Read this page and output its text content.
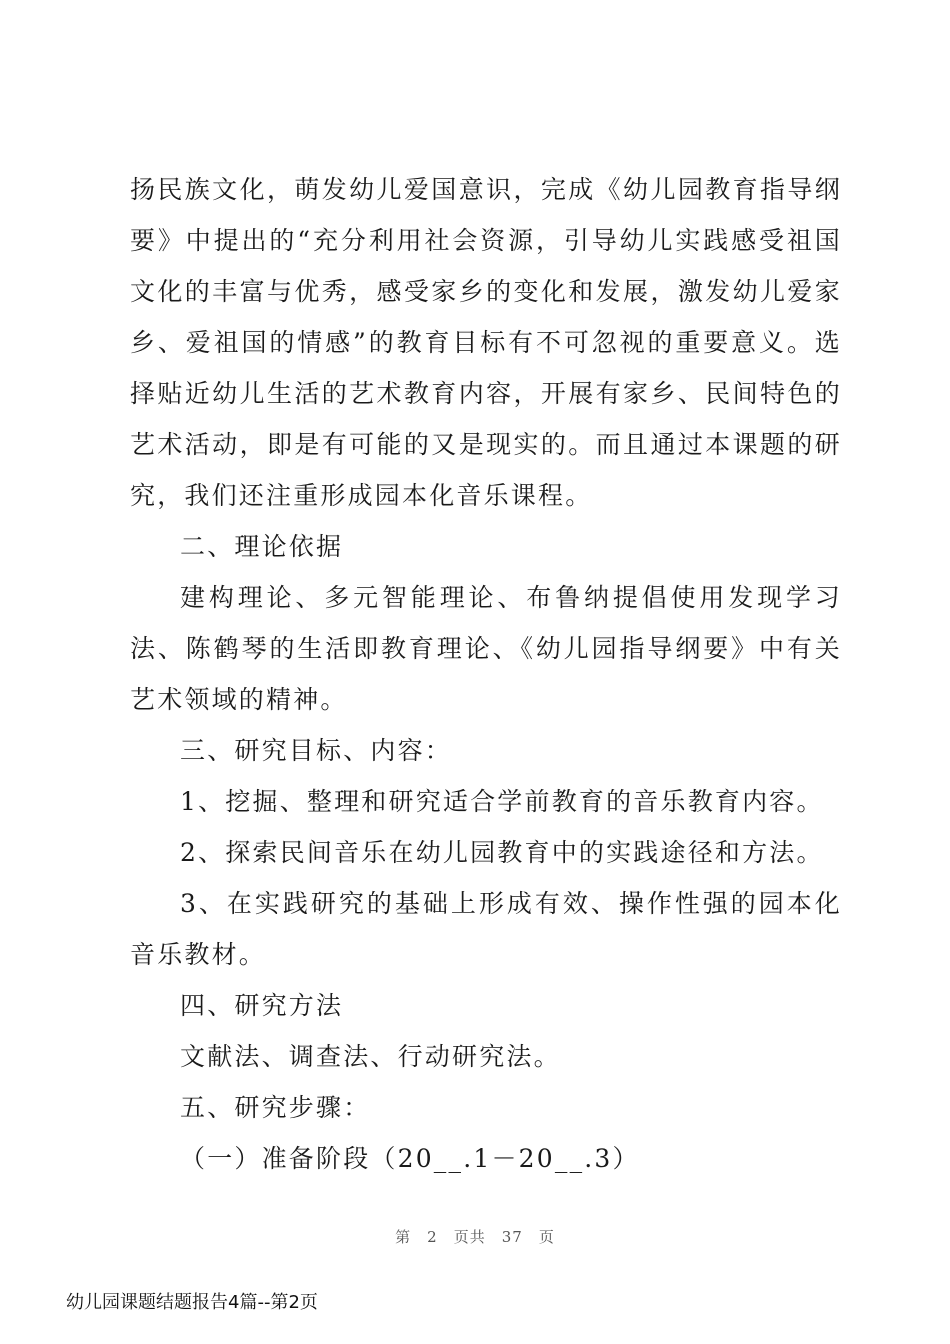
扬民族文化，萌发幼儿爱国意识，完成《幼儿园教育指导纲要》中提出的“充分利用社会资源，引导幼儿实践感受祖国文化的丰富与优秀，感受家乡的变化和发展，激发幼儿爱家乡、爱祖国的情感”的教育目标有不可忽视的重要意义。选择贴近幼儿生活的艺术教育内容，开展有家乡、民间特色的艺术活动，即是有可能的又是现实的。而且通过本课题的研究，我们还注重形成园本化音乐课程。

二、理论依据

建构理论、多元智能理论、布鲁纳提倡使用发现学习法、陈鹤琴的生活即教育理论、《幼儿园指导纲要》中有关艺术领域的精神。

三、研究目标、内容：

1、挖掘、整理和研究适合学前教育的音乐教育内容。

2、探索民间音乐在幼儿园教育中的实践途径和方法。

3、在实践研究的基础上形成有效、操作性强的园本化音乐教材。

四、研究方法

文献法、调查法、行动研究法。

五、研究步骤：

（一）准备阶段（20__.1－20__.3）

第 2 页共 37 页
幼儿园课题结题报告4篇--第2页
